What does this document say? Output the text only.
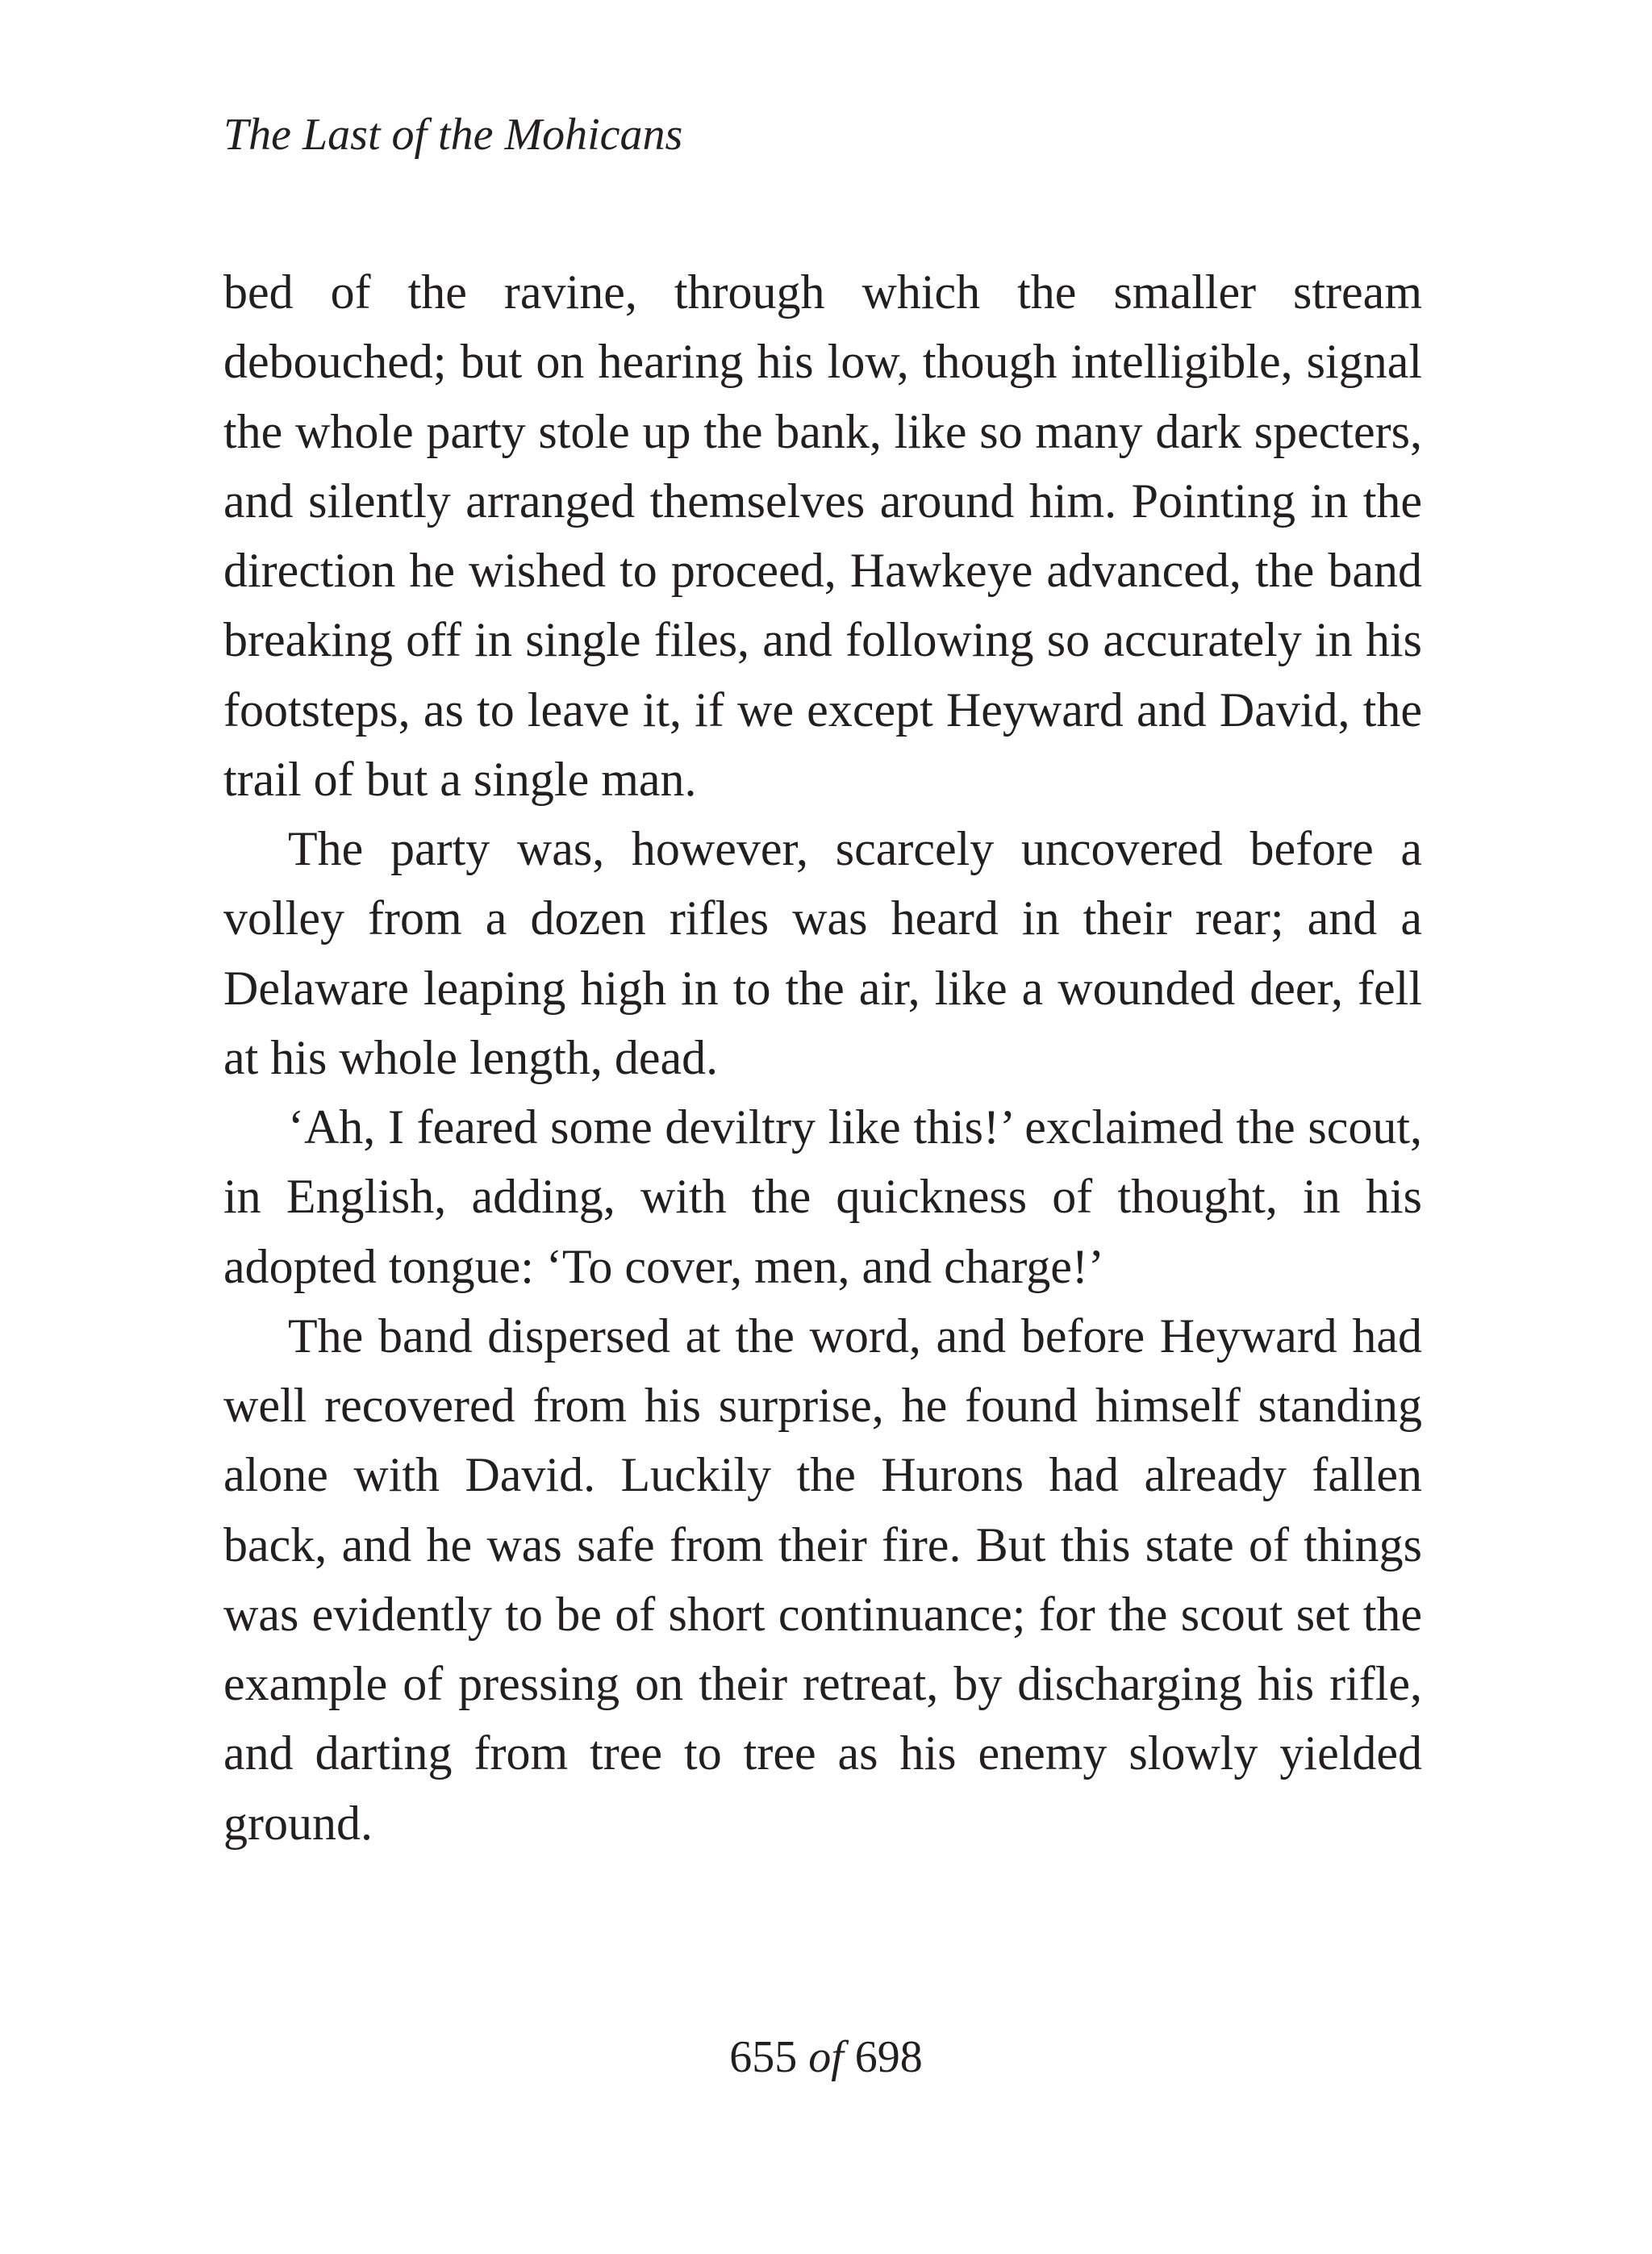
The Last of the Mohicans

bed of the ravine, through which the smaller stream debouched; but on hearing his low, though intelligible, signal the whole party stole up the bank, like so many dark specters, and silently arranged themselves around him. Pointing in the direction he wished to proceed, Hawkeye advanced, the band breaking off in single files, and following so accurately in his footsteps, as to leave it, if we except Heyward and David, the trail of but a single man.

The party was, however, scarcely uncovered before a volley from a dozen rifles was heard in their rear; and a Delaware leaping high in to the air, like a wounded deer, fell at his whole length, dead.

‘Ah, I feared some deviltry like this!’ exclaimed the scout, in English, adding, with the quickness of thought, in his adopted tongue: ‘To cover, men, and charge!’

The band dispersed at the word, and before Heyward had well recovered from his surprise, he found himself standing alone with David. Luckily the Hurons had already fallen back, and he was safe from their fire. But this state of things was evidently to be of short continuance; for the scout set the example of pressing on their retreat, by discharging his rifle, and darting from tree to tree as his enemy slowly yielded ground.

655 of 698
